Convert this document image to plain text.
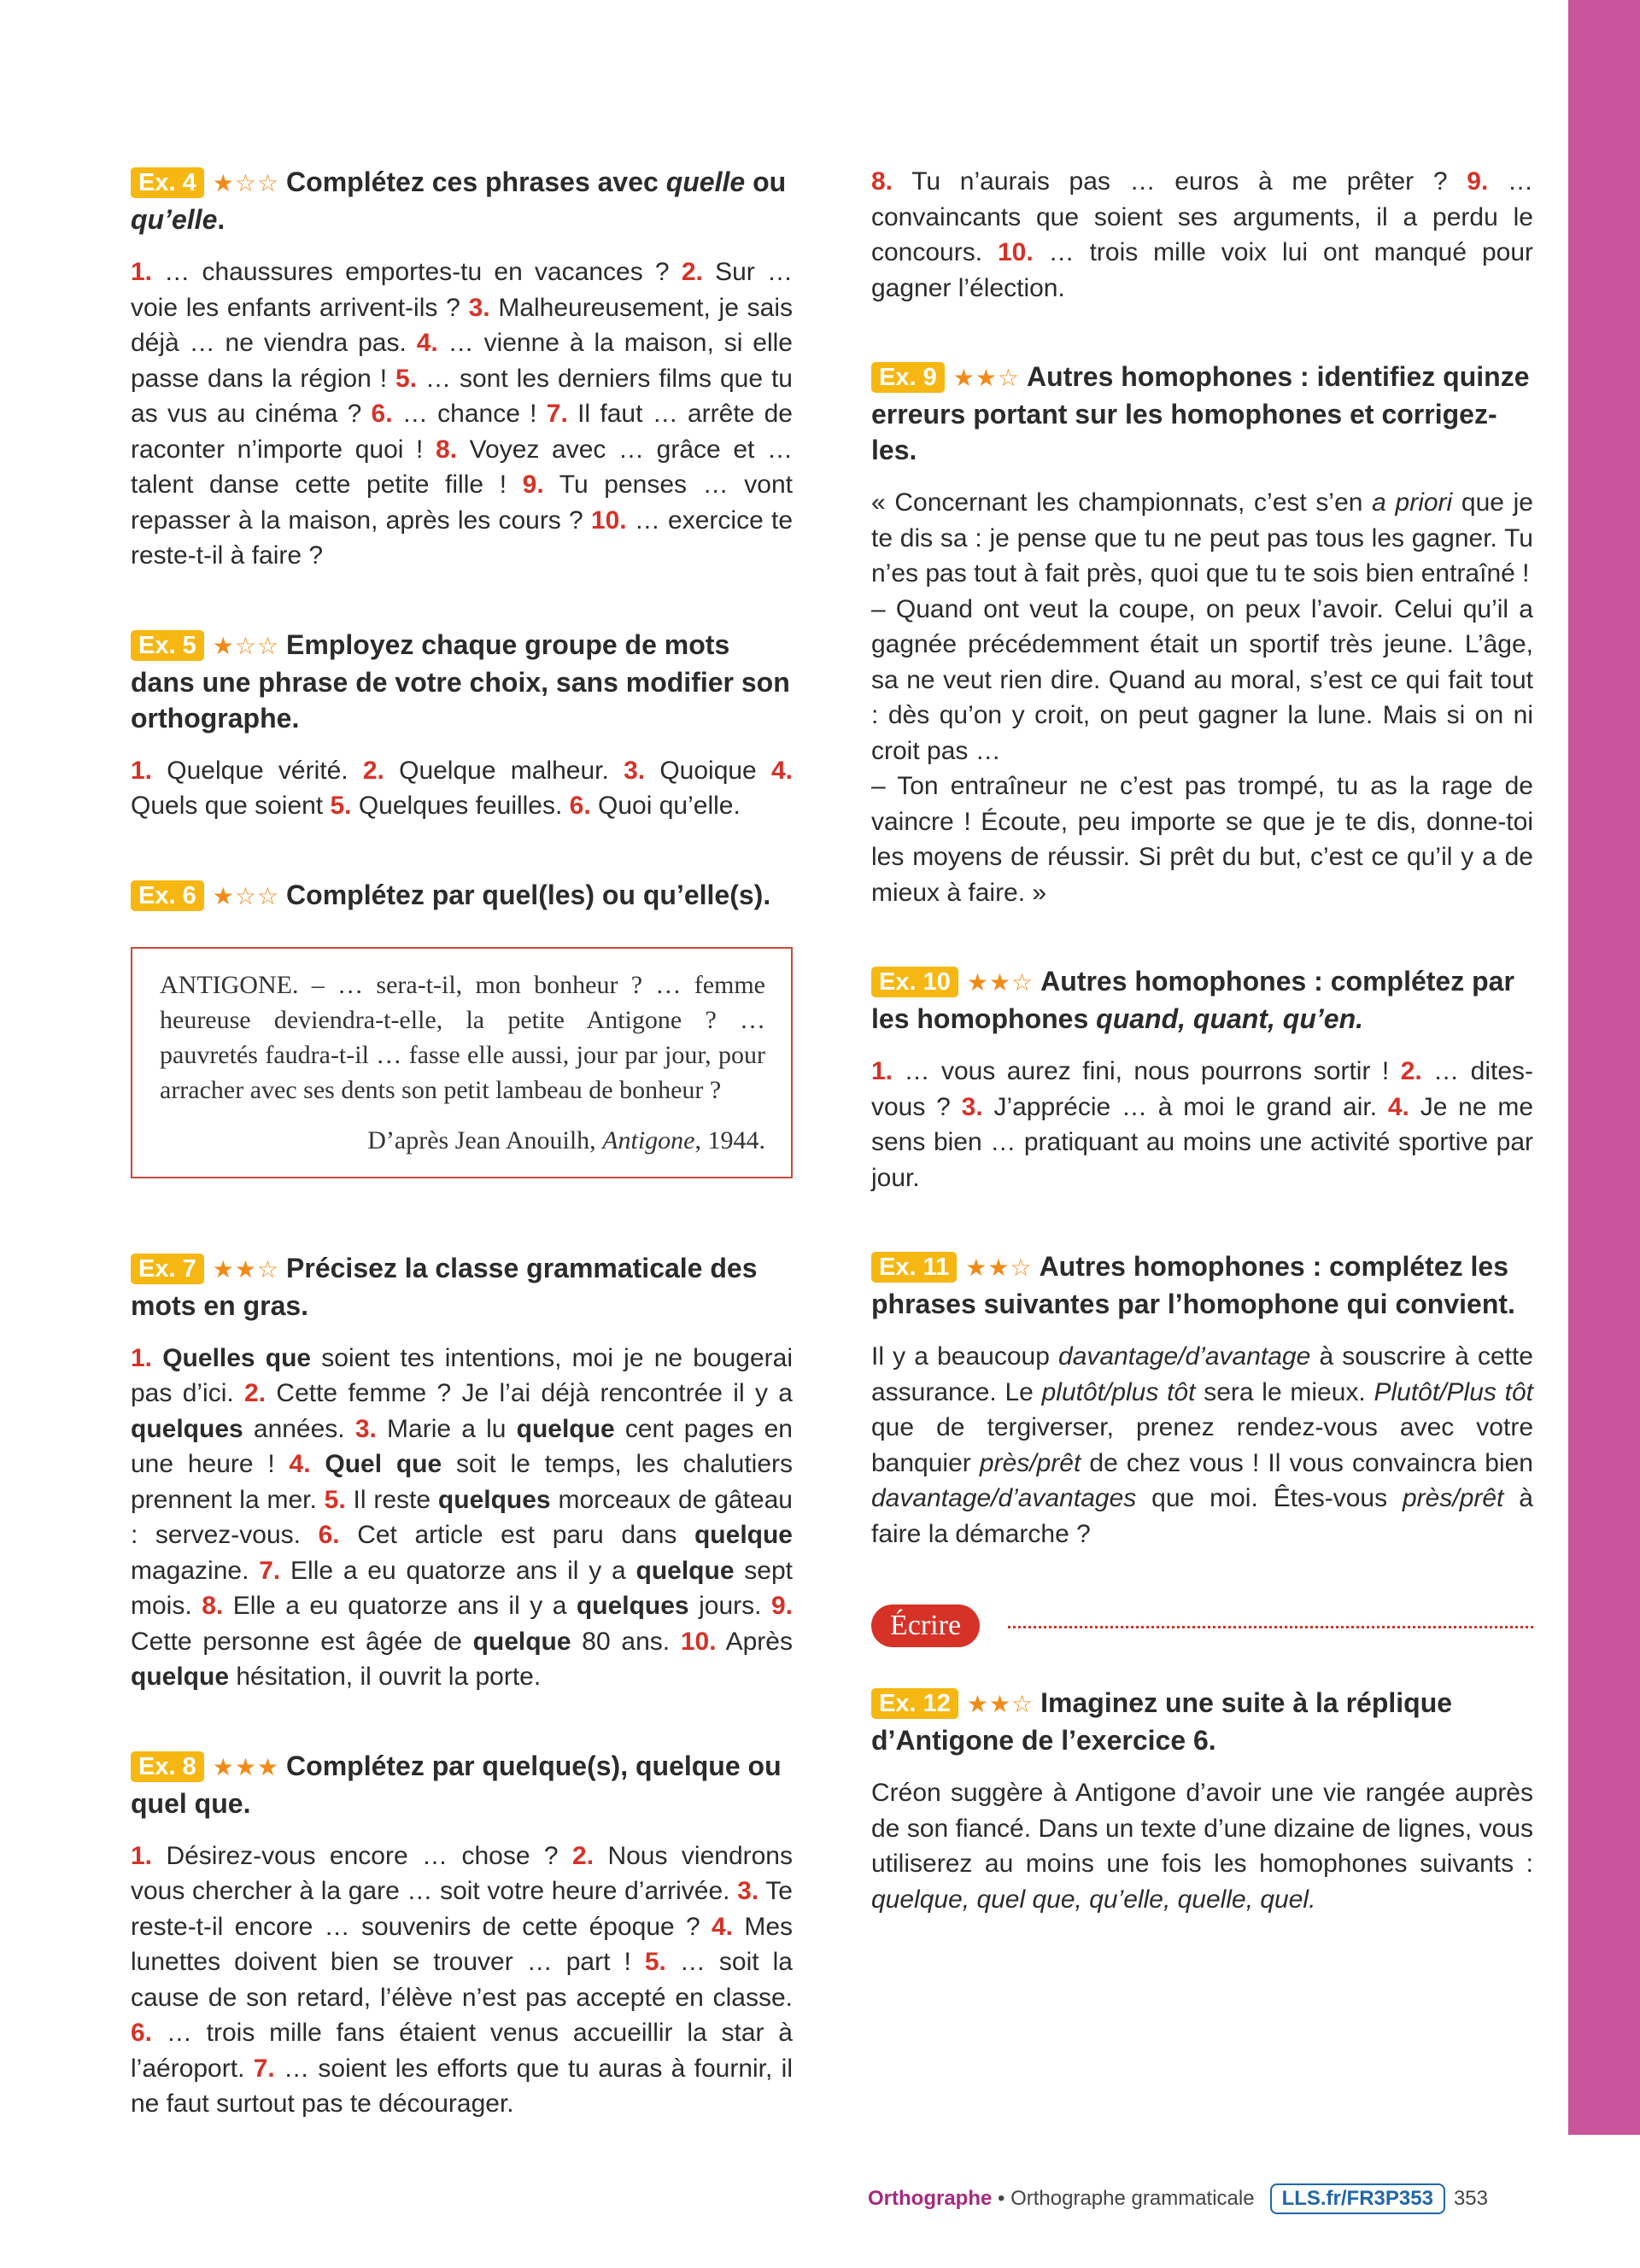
Ex. 4 ★☆☆ Complétez ces phrases avec quelle ou qu’elle.
1. … chaussures emportes-tu en vacances ? 2. Sur … voie les enfants arrivent-ils ? 3. Malheureusement, je sais déjà … ne viendra pas. 4. … vienne à la maison, si elle passe dans la région ! 5. … sont les derniers films que tu as vus au cinéma ? 6. … chance ! 7. Il faut … arrête de raconter n’importe quoi ! 8. Voyez avec … grâce et … talent danse cette petite fille ! 9. Tu penses … vont repasser à la maison, après les cours ? 10. … exercice te reste-t-il à faire ?
Ex. 5 ★☆☆ Employez chaque groupe de mots dans une phrase de votre choix, sans modifier son orthographe.
1. Quelque vérité. 2. Quelque malheur. 3. Quoique 4. Quels que soient 5. Quelques feuilles. 6. Quoi qu’elle.
Ex. 6 ★☆☆ Complétez par quel(les) ou qu’elle(s).
ANTIGONE. – … sera-t-il, mon bonheur ? … femme heureuse deviendra-t-elle, la petite Antigone ? … pauvretés faudra-t-il … fasse elle aussi, jour par jour, pour arracher avec ses dents son petit lambeau de bonheur ?
D’après Jean Anouilh, Antigone, 1944.
Ex. 7 ★★☆ Précisez la classe grammaticale des mots en gras.
1. Quelles que soient tes intentions, moi je ne bougerai pas d’ici. 2. Cette femme ? Je l’ai déjà rencontrée il y a quelques années. 3. Marie a lu quelque cent pages en une heure ! 4. Quel que soit le temps, les chalutiers prennent la mer. 5. Il reste quelques morceaux de gâteau : servez-vous. 6. Cet article est paru dans quelque magazine. 7. Elle a eu quatorze ans il y a quelque sept mois. 8. Elle a eu quatorze ans il y a quelques jours. 9. Cette personne est âgée de quelque 80 ans. 10. Après quelque hésitation, il ouvrit la porte.
Ex. 8 ★★★ Complétez par quelque(s), quelque ou quel que.
1. Désirez-vous encore … chose ? 2. Nous viendrons vous chercher à la gare … soit votre heure d’arrivée. 3. Te reste-t-il encore … souvenirs de cette époque ? 4. Mes lunettes doivent bien se trouver … part ! 5. … soit la cause de son retard, l’élève n’est pas accepté en classe. 6. … trois mille fans étaient venus accueillir la star à l’aéroport. 7. … soient les efforts que tu auras à fournir, il ne faut surtout pas te décourager.
8. Tu n’aurais pas … euros à me prêter ? 9. … convaincants que soient ses arguments, il a perdu le concours. 10. … trois mille voix lui ont manqué pour gagner l’élection.
Ex. 9 ★★☆ Autres homophones : identifiez quinze erreurs portant sur les homophones et corrigez-les.
« Concernant les championnats, c’est s’en a priori que je te dis sa : je pense que tu ne peut pas tous les gagner. Tu n’es pas tout à fait près, quoi que tu te sois bien entraîné !
– Quand ont veut la coupe, on peux l’avoir. Celui qu’il a gagnée précédemment était un sportif très jeune. L’âge, sa ne veut rien dire. Quand au moral, s’est ce qui fait tout : dès qu’on y croit, on peut gagner la lune. Mais si on ni croit pas …
– Ton entraîneur ne c’est pas trompé, tu as la rage de vaincre ! Écoute, peu importe se que je te dis, donne-toi les moyens de réussir. Si prêt du but, c’est ce qu’il y a de mieux à faire. »
Ex. 10 ★★☆ Autres homophones : complétez par les homophones quand, quant, qu’en.
1. … vous aurez fini, nous pourrons sortir ! 2. … dites-vous ? 3. J’apprécie … à moi le grand air. 4. Je ne me sens bien … pratiquant au moins une activité sportive par jour.
Ex. 11 ★★☆ Autres homophones : complétez les phrases suivantes par l’homophone qui convient.
Il y a beaucoup davantage/d’avantage à souscrire à cette assurance. Le plutôt/plus tôt sera le mieux. Plutôt/Plus tôt que de tergiverser, prenez rendez-vous avec votre banquier près/prêt de chez vous ! Il vous convaincra bien davantage/d’avantages que moi. Êtes-vous près/prêt à faire la démarche ?
Écrire
Ex. 12 ★★☆ Imaginez une suite à la réplique d’Antigone de l’exercice 6.
Créon suggère à Antigone d’avoir une vie rangée auprès de son fiancé. Dans un texte d’une dizaine de lignes, vous utiliserez au moins une fois les homophones suivants : quelque, quel que, qu’elle, quelle, quel.
Orthographe • Orthographe grammaticale LLS.fr/FR3P353 353
